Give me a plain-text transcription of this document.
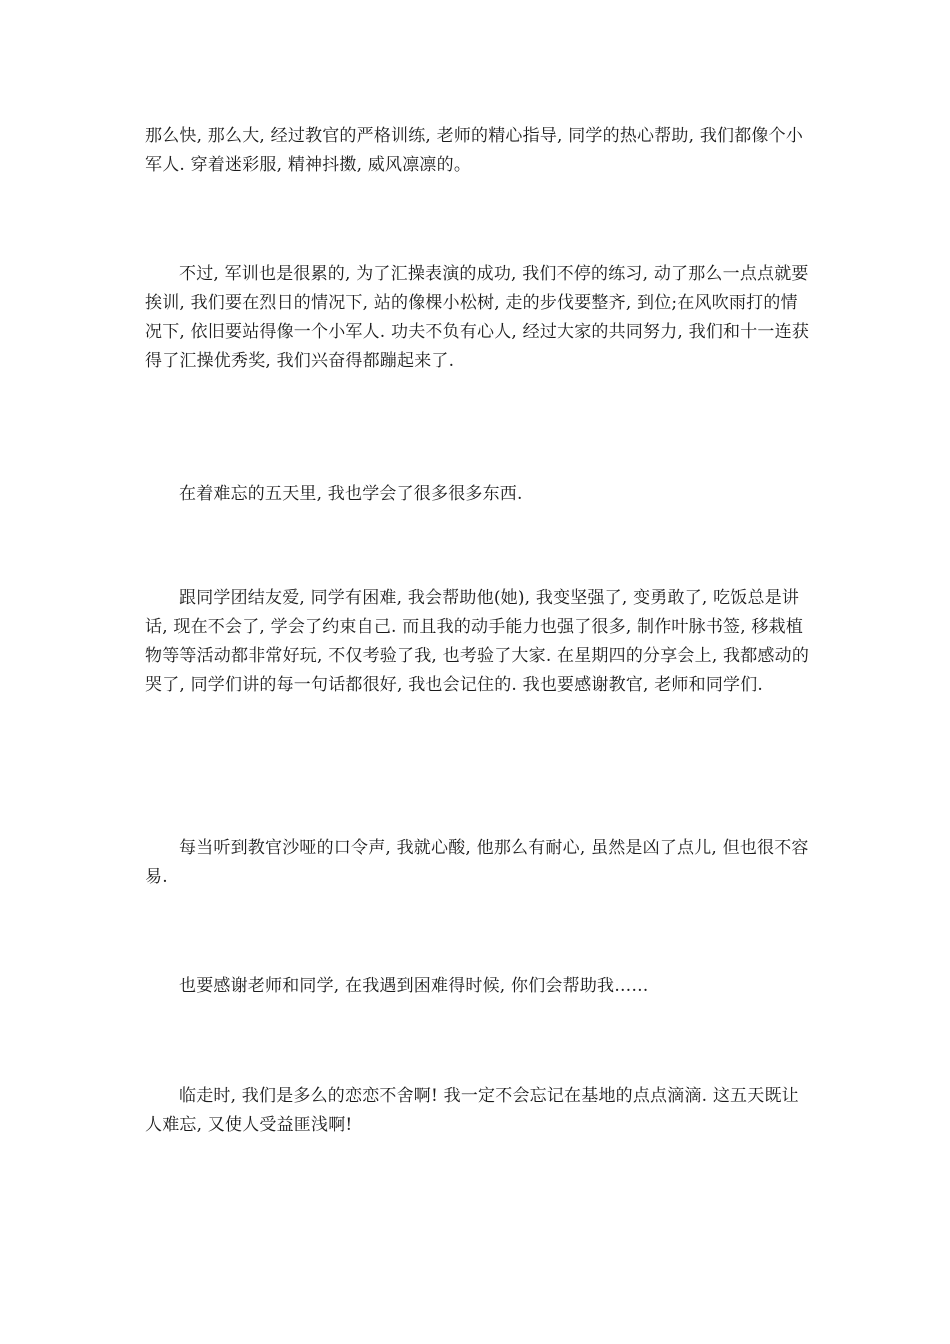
那么快, 那么大, 经过教官的严格训练, 老师的精心指导, 同学的热心帮助, 我们都像个小军人. 穿着迷彩服, 精神抖擞, 威风凛凛的。

不过, 军训也是很累的, 为了汇操表演的成功, 我们不停的练习, 动了那么一点点就要挨训, 我们要在烈日的情况下, 站的像棵小松树, 走的步伐要整齐, 到位;在风吹雨打的情况下, 依旧要站得像一个小军人. 功夫不负有心人, 经过大家的共同努力, 我们和十一连获得了汇操优秀奖, 我们兴奋得都蹦起来了.

在着难忘的五天里, 我也学会了很多很多东西.

跟同学团结友爱, 同学有困难, 我会帮助他(她), 我变坚强了, 变勇敢了, 吃饭总是讲话, 现在不会了, 学会了约束自己. 而且我的动手能力也强了很多, 制作叶脉书签, 移栽植物等等活动都非常好玩, 不仅考验了我, 也考验了大家. 在星期四的分享会上, 我都感动的哭了, 同学们讲的每一句话都很好, 我也会记住的. 我也要感谢教官, 老师和同学们.

每当听到教官沙哑的口令声, 我就心酸, 他那么有耐心, 虽然是凶了点儿, 但也很不容易.

也要感谢老师和同学, 在我遇到困难得时候, 你们会帮助我……

临走时, 我们是多么的恋恋不舍啊! 我一定不会忘记在基地的点点滴滴. 这五天既让人难忘, 又使人受益匪浅啊!
